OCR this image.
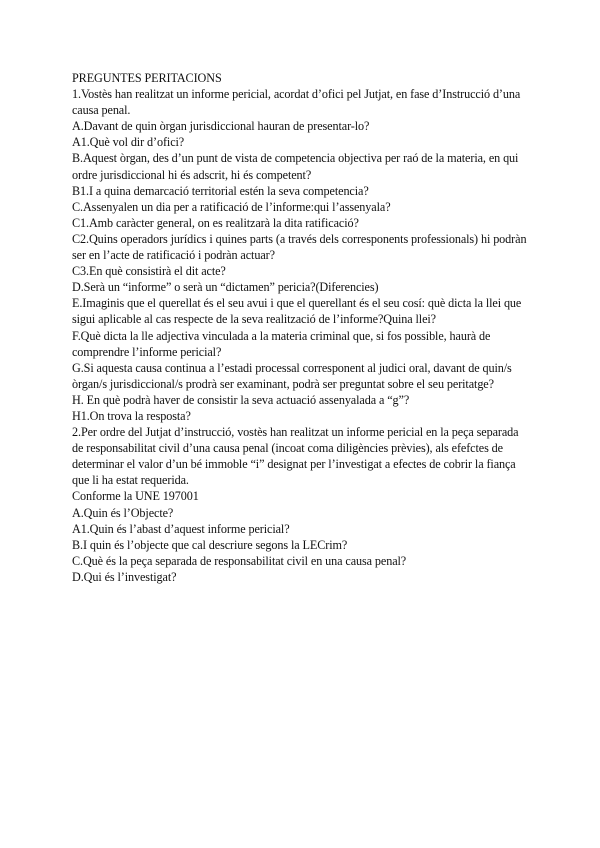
PREGUNTES PERITACIONS

1.Vostès han realitzat un informe pericial, acordat d’ofici pel Jutjat, en fase d’Instrucció d’una causa penal.

A.Davant de quin òrgan jurisdiccional hauran de presentar-lo?

A1.Què vol dir d’ofici?

B.Aquest òrgan, des d’un punt de vista de competencia objectiva per raó de la materia, en qui ordre jurisdiccional hi és adscrit, hi és competent?

B1.I a quina demarcació territorial estén la seva competencia?

C.Assenyalen un dia per a ratificació de l’informe:qui l’assenyala?

C1.Amb caràcter general, on es realitzarà la dita ratificació?

C2.Quins operadors jurídics i quines parts (a través dels corresponents professionals) hi podràn ser en l’acte de ratificació i podràn actuar?

C3.En què consistirà el dit acte?

D.Serà un “informe” o serà un “dictamen” pericia?(Diferencies)

E.Imaginis que el querellat és el seu avui i que el querellant és el seu cosí: què dicta la llei que sigui aplicable al cas respecte de la seva realització de l’informe?Quina llei?

F.Què dicta la lle adjectiva vinculada a la materia criminal que, si fos possible, haurà de comprendre l’informe pericial?

G.Si aquesta causa continua a l’estadi processal corresponent al judici oral, davant de quin/s òrgan/s jurisdiccional/s prodrà ser examinant, podrà ser preguntat sobre el seu peritatge?

H. En què podrà haver de consistir la seva actuació assenyalada a “g”?

H1.On trova la resposta?

2.Per ordre del Jutjat d’instrucció, vostès han realitzat un informe pericial en la peça separada de responsabilitat civil d’una causa penal (incoat coma diligències prèvies), als efefctes de determinar el valor d’un bé immoble “i” designat per l’investigat a efectes de cobrir la fiança que li ha estat requerida.

Conforme la UNE 197001

A.Quin és l’Objecte?

A1.Quin és l’abast d’aquest informe pericial?

B.I quin és l’objecte que cal descriure segons la LECrim?

C.Què és la peça separada de responsabilitat civil en una causa penal?

D.Qui és l’investigat?
